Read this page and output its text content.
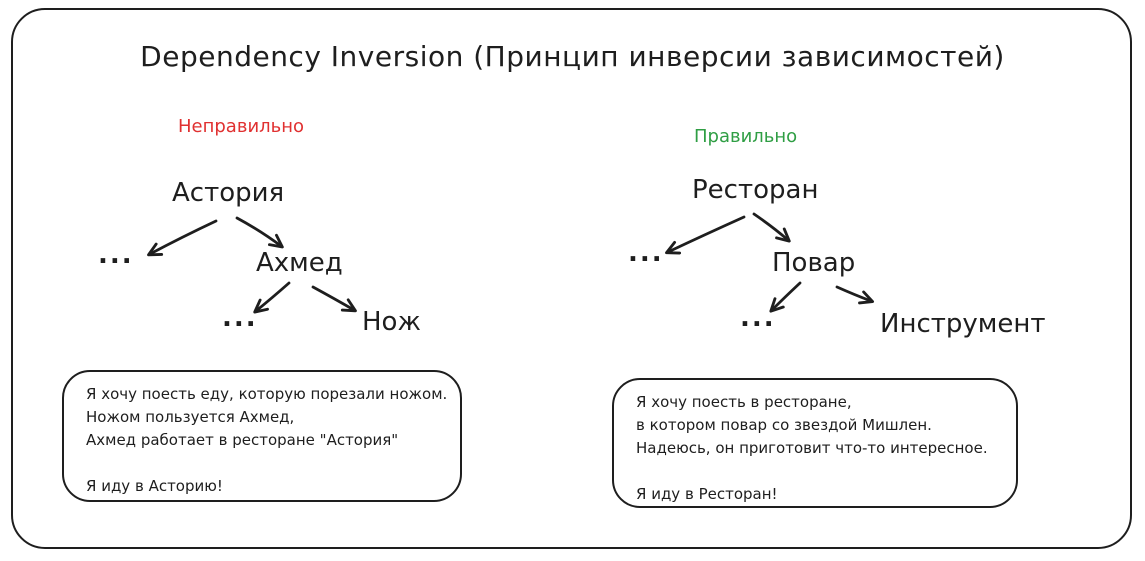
Dependency Inversion (Принцип инверсии зависимостей)
Неправильно	Правильно
Астория
...	Ахмед
...	Нож
Ресторан
...	Повар
...	Инструмент
Я хочу поесть еду, которую порезали ножом.
Ножом пользуется Ахмед,
Ахмед работает в ресторане "Астория"
Я иду в Асторию!
Я хочу поесть в ресторане,
в котором повар со звездой Мишлен.
Надеюсь, он приготовит что-то интересное.
Я иду в Ресторан!
